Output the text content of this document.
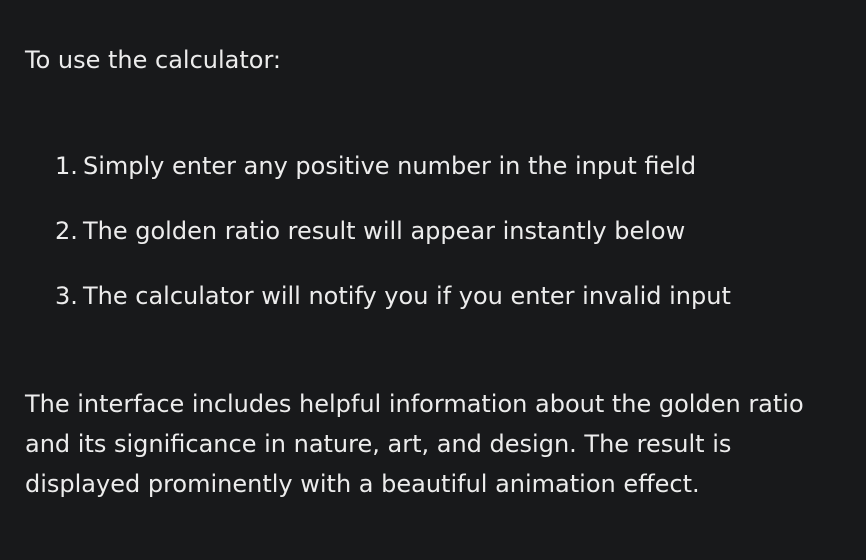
To use the calculator:

1. Simply enter any positive number in the input field
2. The golden ratio result will appear instantly below
3. The calculator will notify you if you enter invalid input

The interface includes helpful information about the golden ratio
and its significance in nature, art, and design. The result is
displayed prominently with a beautiful animation effect.
